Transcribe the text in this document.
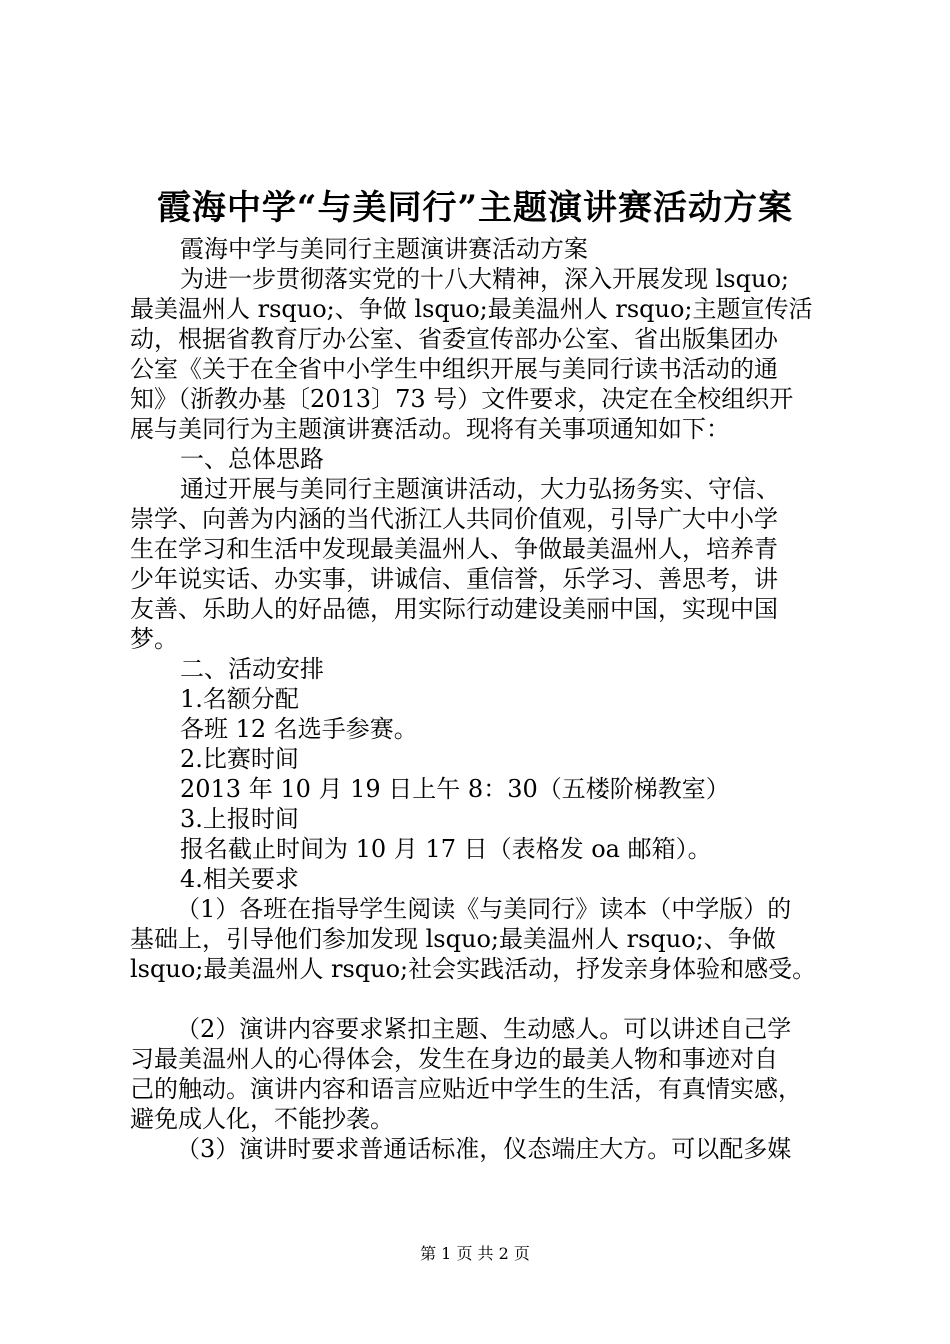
霞海中学“与美同行”主题演讲赛活动方案
霞海中学与美同行主题演讲赛活动方案
为进一步贯彻落实党的十八大精神，深入开展发现 lsquo;
最美温州人 rsquo;、争做 lsquo;最美温州人 rsquo;主题宣传活
动，根据省教育厅办公室、省委宣传部办公室、省出版集团办
公室《关于在全省中小学生中组织开展与美同行读书活动的通
知》（浙教办基〔2013〕73 号）文件要求，决定在全校组织开
展与美同行为主题演讲赛活动。现将有关事项通知如下：
一、总体思路
通过开展与美同行主题演讲活动，大力弘扬务实、守信、
崇学、向善为内涵的当代浙江人共同价值观，引导广大中小学
生在学习和生活中发现最美温州人、争做最美温州人，培养青
少年说实话、办实事，讲诚信、重信誉，乐学习、善思考，讲
友善、乐助人的好品德，用实际行动建设美丽中国，实现中国
梦。
二、活动安排
1.名额分配
各班 12 名选手参赛。
2.比赛时间
2013 年 10 月 19 日上午 8：30（五楼阶梯教室）
3.上报时间
报名截止时间为 10 月 17 日（表格发 oa 邮箱）。
4.相关要求
（1）各班在指导学生阅读《与美同行》读本（中学版）的
基础上，引导他们参加发现 lsquo;最美温州人 rsquo;、争做
lsquo;最美温州人 rsquo;社会实践活动，抒发亲身体验和感受。
（2）演讲内容要求紧扣主题、生动感人。可以讲述自己学
习最美温州人的心得体会，发生在身边的最美人物和事迹对自
己的触动。演讲内容和语言应贴近中学生的生活，有真情实感，
避免成人化，不能抄袭。
（3）演讲时要求普通话标准，仪态端庄大方。可以配多媒
第 1 页 共 2 页
